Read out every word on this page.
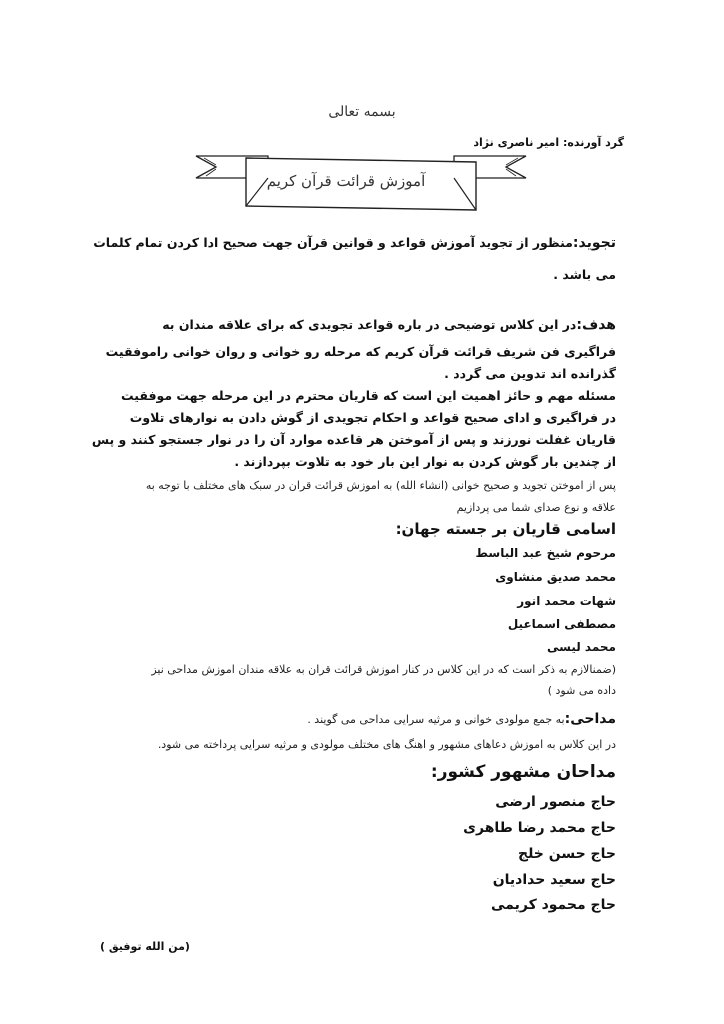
بسمه تعالی
گرد آورنده: امیر ناصری نژاد
آموزش قرائت قرآن کریم
تجوید:منظور از تجوید آموزش قواعد و قوانین قرآن جهت صحیح ادا کردن تمام کلمات
می باشد .
هدف:در این کلاس توضیحی در باره قواعد تجویدی که برای علاقه مندان به
فراگیری فن شریف قرائت قرآن کریم که مرحله رو خوانی و روان خوانی راموفقیت
گذرانده اند تدوین می گردد .
مسئله مهم و حائز اهمیت این است که قاریان محترم در این مرحله جهت موفقیت
در فراگیری و ادای صحیح قواعد و احکام تجویدی از گوش دادن به نوارهای تلاوت
قاریان غفلت نورزند و پس از آموختن هر قاعده موارد آن را در نوار جستجو کنند و پس
از چندین بار گوش کردن به نوار این بار خود به تلاوت بپردازند .
پس از اموختن تجوید و صحیح خوانی (انشاء الله) به اموزش قرائت قران در سبک های مختلف با توجه به
علاقه و نوع صدای شما می پردازیم
اسامی قاریان بر جسته جهان:
مرحوم شیخ عبد الباسط
محمد صدیق منشاوی
شهات محمد انور
مصطفی اسماعیل
محمد لیسی
(ضمنالازم به ذکر است که در این کلاس در کنار اموزش قرائت قران به علاقه مندان اموزش مداحی نیز
داده می شود )
مداحی:به جمع مولودی خوانی و مرثیه سرایی مداحی می گویند .
در این کلاس به اموزش دعاهای مشهور و اهنگ های مختلف مولودی و مرثیه سرایی پرداخته می شود.
مداحان مشهور کشور:
حاج منصور ارضی
حاج محمد رضا طاهری
حاج حسن خلج
حاج سعید حدادیان
حاج محمود کریمی
(من الله توفیق )
